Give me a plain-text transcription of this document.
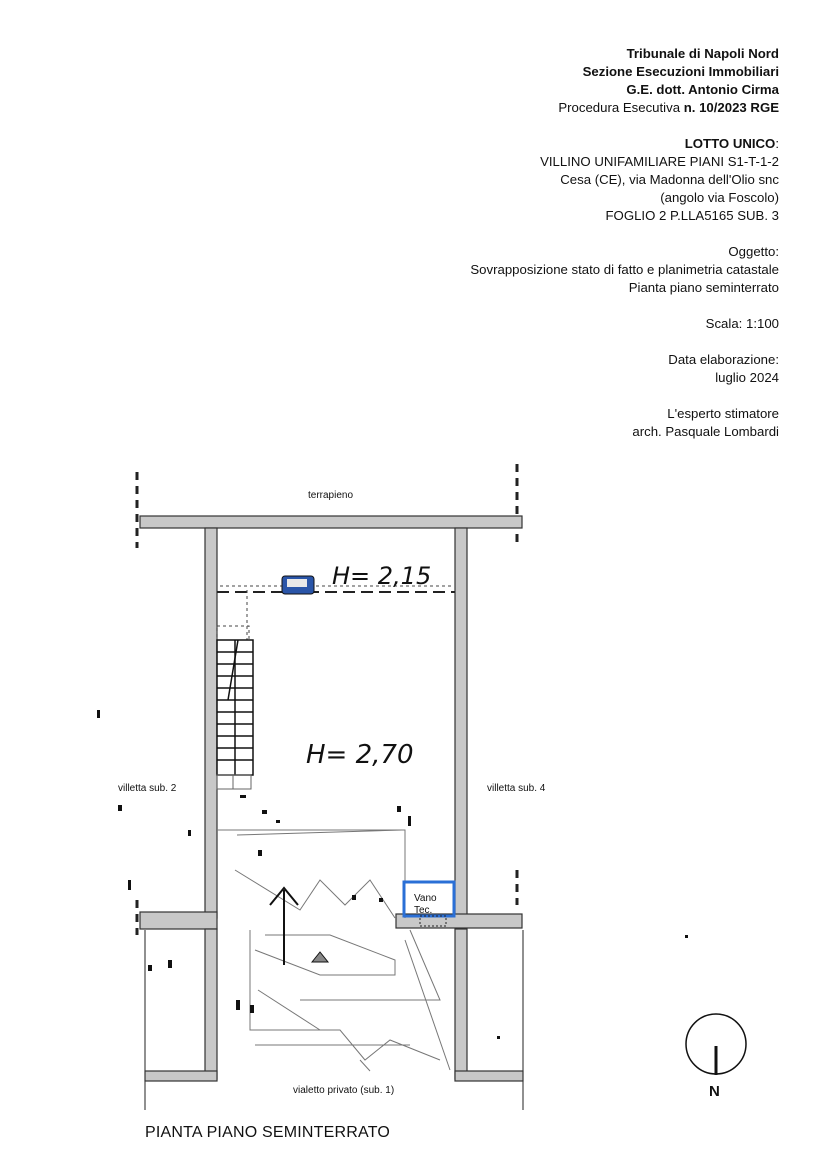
Tribunale di Napoli Nord
Sezione Esecuzioni Immobiliari
G.E. dott. Antonio Cirma
Procedura Esecutiva n. 10/2023 RGE
LOTTO UNICO:
VILLINO UNIFAMILIARE PIANI S1-T-1-2
Cesa (CE), via Madonna dell'Olio snc
(angolo via Foscolo)
FOGLIO 2 P.LLA5165 SUB. 3
Oggetto:
Sovrapposizione stato di fatto e planimetria catastale
Pianta piano seminterrato
Scala: 1:100
Data elaborazione:
luglio 2024
L'esperto stimatore
arch. Pasquale Lombardi
terrapieno
villetta sub. 2	villetta sub. 4
vialetto privato (sub. 1)
H= 2,15
H= 2,70
Vano
Tec.
PIANTA PIANO SEMINTERRATO
N
